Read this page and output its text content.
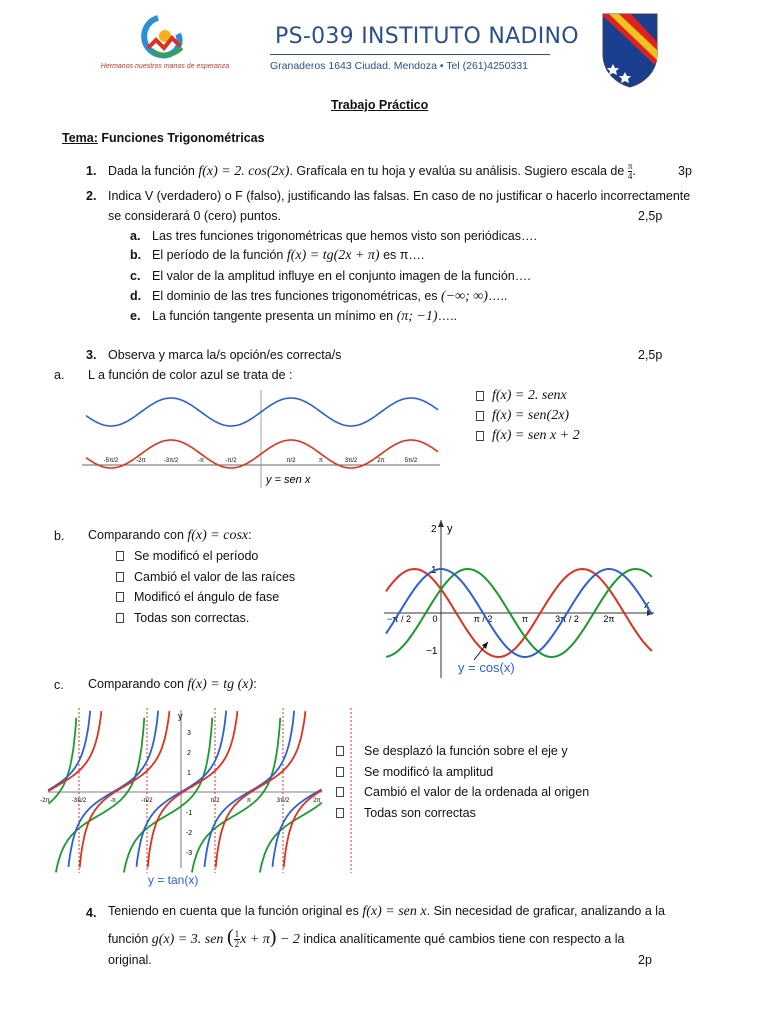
Hermanos nuestros manos de esperanza
PS-039 INSTITUTO NADINO
Granaderos 1643 Ciudad. Mendoza • Tel (261)4250331
Trabajo Práctico
Tema: Funciones Trigonométricas
1. Dada la función f(x) = 2. cos(2x). Grafícala en tu hoja y evalúa su análisis. Sugiero escala de $\frac{\pi}{4}$ .	3p
2. Indica V (verdadero) o F (falso), justificando las falsas. En caso de no justificar o hacerlo incorrectamente
se considerará 0 (cero) puntos.	2,5p
a. Las tres funciones trigonométricas que hemos visto son periódicas….
b. El período de la función f(x) = tg(2x + π) es π….
c. El valor de la amplitud influye en el conjunto imagen de la función….
d. El dominio de las tres funciones trigonométricas, es (−∞; ∞)…..
e. La función tangente presenta un mínimo en (π; −1)…..
3. Observa y marca la/s opción/es correcta/s	2,5p
a. L a función de color azul se trata de :
-5π/2	-2π	-3π/2	-π	-π/2	π/2	π	3π/2	2π	5π/2
y = sen x
f(x) = 2. senx
f(x) = sen(2x)
f(x) = sen x + 2
b. Comparando con f(x) = cosx:
Se modificó el período
Cambió el valor de las raíces
Modificó el ángulo de fase
Todas son correctas.
y
x
2
1
−1
−π / 2 0	π / 2	π	3π / 2	2π
y = cos(x)
c. Comparando con f(x) = tg (x):
y
3
2
1
-1
-2
-3
-2π	-3π/2	-π	-π/2	π/2	π	3π/2	2π
y = tan(x)
Se desplazó la función sobre el eje y
Se modificó la amplitud
Cambió el valor de la ordenada al origen
Todas son correctas
4. Teniendo en cuenta que la función original es f(x) = sen x. Sin necesidad de graficar, analizando a la
función g(x) = 3. sen ( $\frac{1}{2}$ x + π) − 2 indica analíticamente qué cambios tiene con respecto a la
original.	2p
